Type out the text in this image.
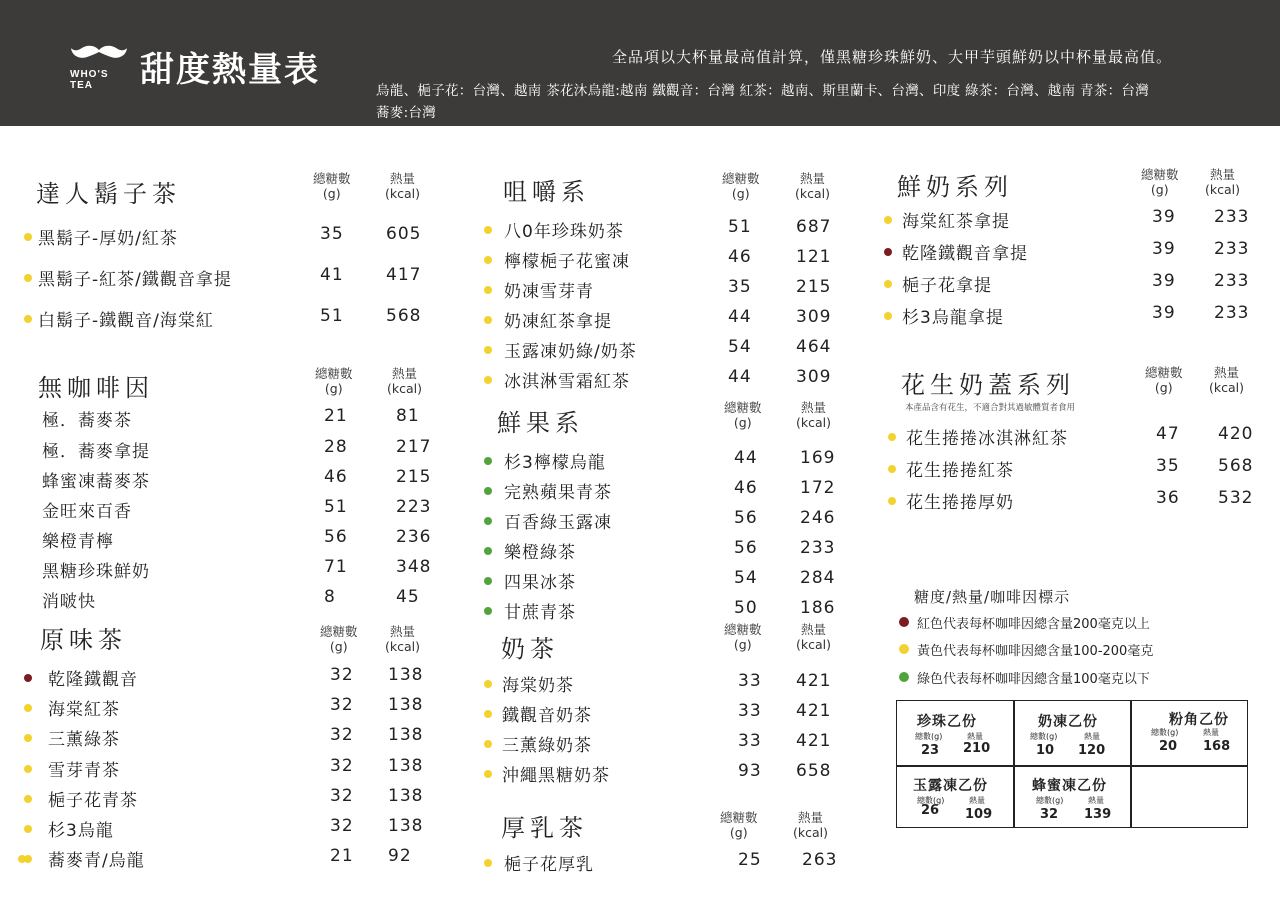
WHO'S TEA	甜度熱量表	全品項以大杯量最高值計算，僅黑糖珍珠鮮奶、大甲芋頭鮮奶以中杯量最高值。
烏龍、梔子花：台灣、越南 茶花沐烏龍:越南 鐵觀音：台灣 紅茶：越南、斯里蘭卡、台灣、印度 綠茶：台灣、越南 青茶：台灣
蕎麥:台灣
達人鬍子茶
無咖啡因
原味茶
咀嚼系
鮮果系
奶茶
厚乳茶
鮮奶系列
花生奶蓋系列
本產品含有花生，不適合對其過敏體質者食用
總糖數
(g)
熱量
(kcal)
總糖數
(g)
熱量
(kcal)
總糖數
(g)
熱量
(kcal)
總糖數
(g)
熱量
(kcal)
總糖數
(g)
熱量
(kcal)
總糖數
(g)
熱量
(kcal)
總糖數
(g)
熱量
(kcal)
總糖數
(g)
熱量
(kcal)
總糖數
(g)
熱量
(kcal)
黑鬍子-厚奶/紅茶	35 605
黑鬍子-紅茶/鐵觀音拿提	41 417
白鬍子-鐵觀音/海棠紅	51 568
極．蕎麥茶	21	81
極．蕎麥拿提	28	217
蜂蜜凍蕎麥茶	46	215
金旺來百香	51	223
樂橙青檸	56	236
黑糖珍珠鮮奶	71	348
消啵快	8	45
乾隆鐵觀音	32 138
海棠紅茶	32 138
三薰綠茶	32 138
雪芽青茶	32 138
梔子花青茶	32 138
杉3烏龍	32 138
蕎麥青/烏龍	21 92
八0年珍珠奶茶	51	687
檸檬梔子花蜜凍	46	121
奶凍雪芽青	35	215
奶凍紅茶拿提	44	309
玉露凍奶綠/奶茶	54	464
冰淇淋雪霜紅茶	44	309
杉3檸檬烏龍	44 169
完熟蘋果青茶	46 172
百香綠玉露凍	56 246
樂橙綠茶	56 233
四果冰茶	54 284
甘蔗青茶	50 186
海棠奶茶	33 421
鐵觀音奶茶	33 421
三薰綠奶茶	33 421
沖繩黑糖奶茶	93 658
梔子花厚乳	25 263
海棠紅茶拿提	39 233
乾隆鐵觀音拿提	39 233
梔子花拿提	39 233
杉3烏龍拿提	39 233
花生捲捲冰淇淋紅茶	47 420
花生捲捲紅茶	35 568
花生捲捲厚奶	36 532
糖度/熱量/咖啡因標示
紅色代表每杯咖啡因總含量200毫克以上
黃色代表每杯咖啡因總含量100-200毫克
綠色代表每杯咖啡因總含量100毫克以下
珍珠乙份
總數(g)	熱量
23 210
奶凍乙份
總數(g)	熱量
10 120
粉角乙份
總數(g)	熱量
20 168
玉露凍乙份
總數(g)	熱量
26 109
蜂蜜凍乙份
總數(g)	熱量
32 139
